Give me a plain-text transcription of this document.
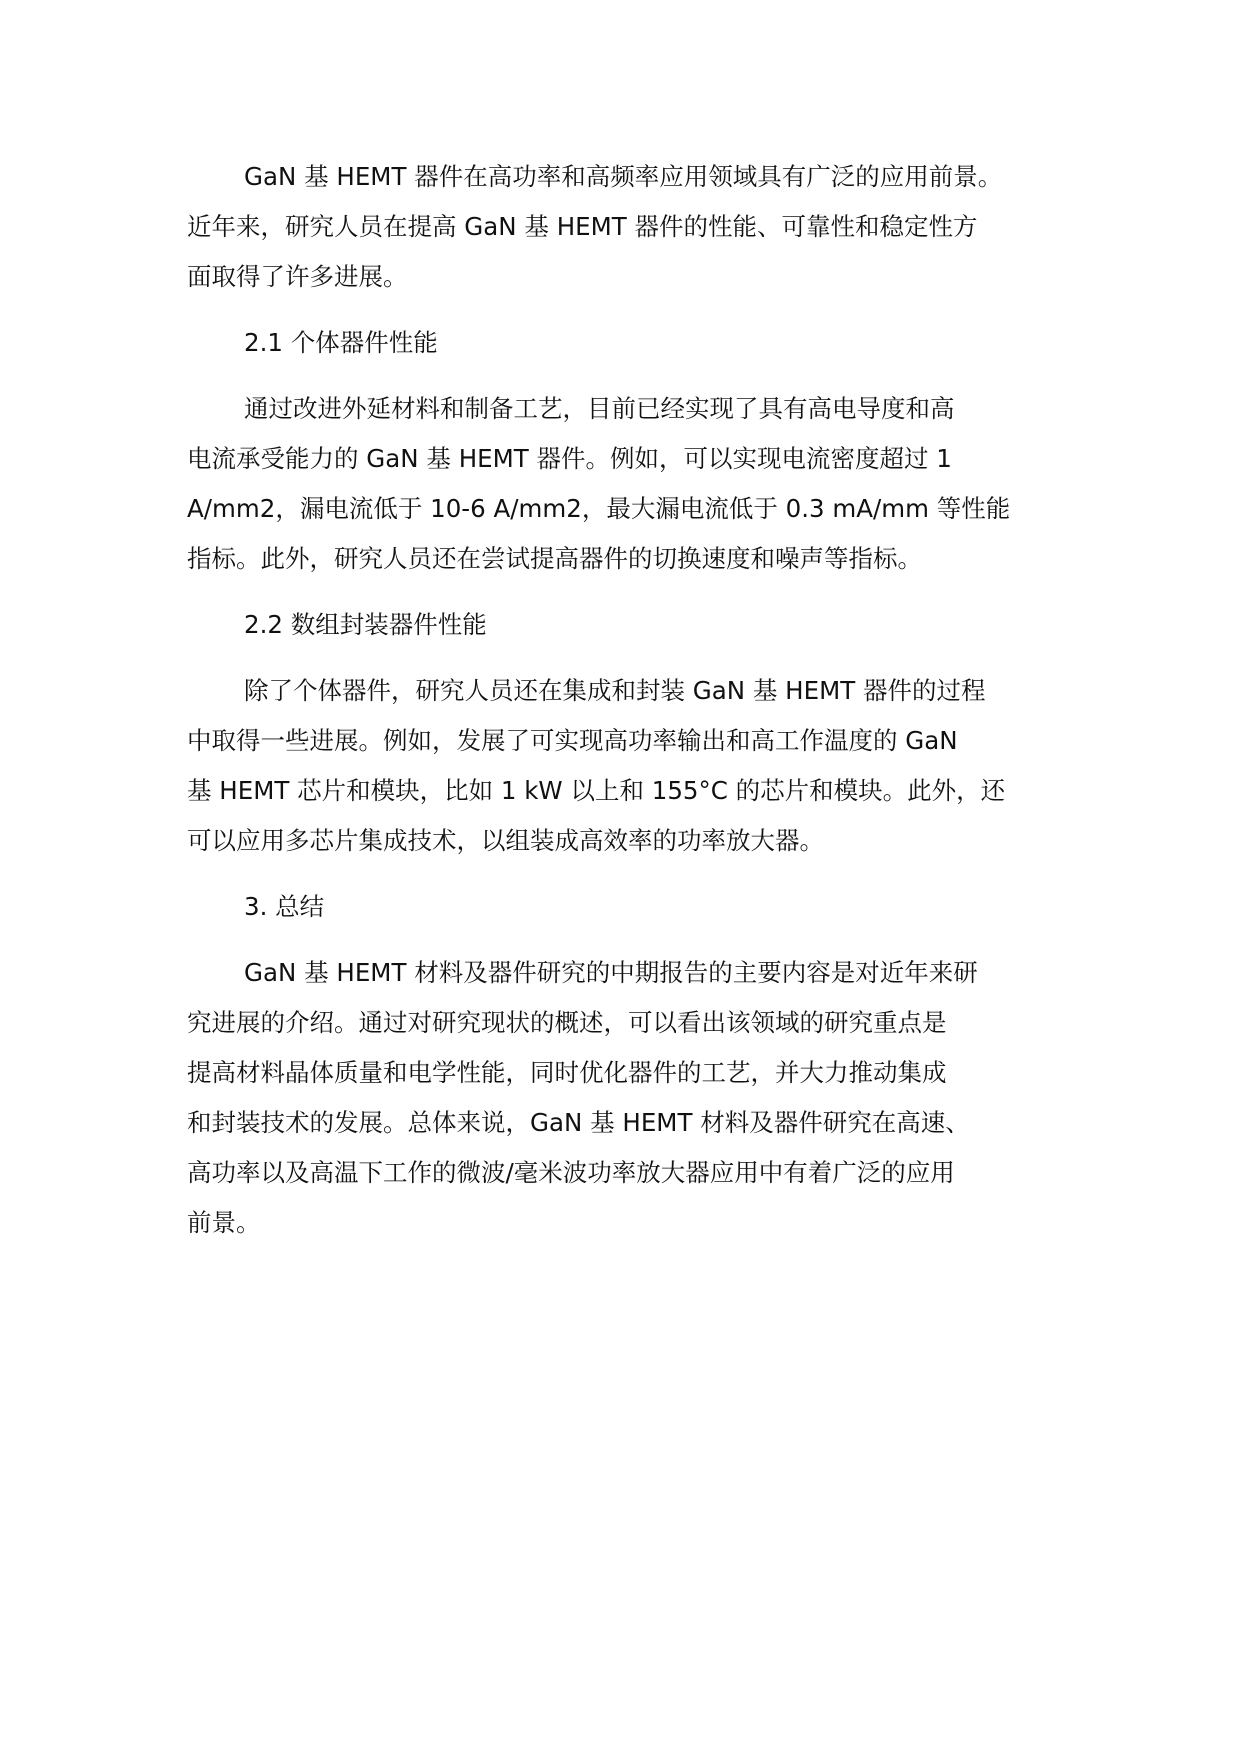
GaN 基 HEMT 器件在高功率和高频率应用领域具有广泛的应用前景。
近年来，研究人员在提高 GaN 基 HEMT 器件的性能、可靠性和稳定性方
面取得了许多进展。
2.1 个体器件性能
通过改进外延材料和制备工艺，目前已经实现了具有高电导度和高
电流承受能力的 GaN 基 HEMT 器件。例如，可以实现电流密度超过 1
A/mm2，漏电流低于 10-6 A/mm2，最大漏电流低于 0.3 mA/mm 等性能
指标。此外，研究人员还在尝试提高器件的切换速度和噪声等指标。
2.2 数组封装器件性能
除了个体器件，研究人员还在集成和封装 GaN 基 HEMT 器件的过程
中取得一些进展。例如，发展了可实现高功率输出和高工作温度的 GaN
基 HEMT 芯片和模块，比如 1 kW 以上和 155°C 的芯片和模块。此外，还
可以应用多芯片集成技术，以组装成高效率的功率放大器。
3. 总结
GaN 基 HEMT 材料及器件研究的中期报告的主要内容是对近年来研
究进展的介绍。通过对研究现状的概述，可以看出该领域的研究重点是
提高材料晶体质量和电学性能，同时优化器件的工艺，并大力推动集成
和封装技术的发展。总体来说，GaN 基 HEMT 材料及器件研究在高速、
高功率以及高温下工作的微波/毫米波功率放大器应用中有着广泛的应用
前景。
